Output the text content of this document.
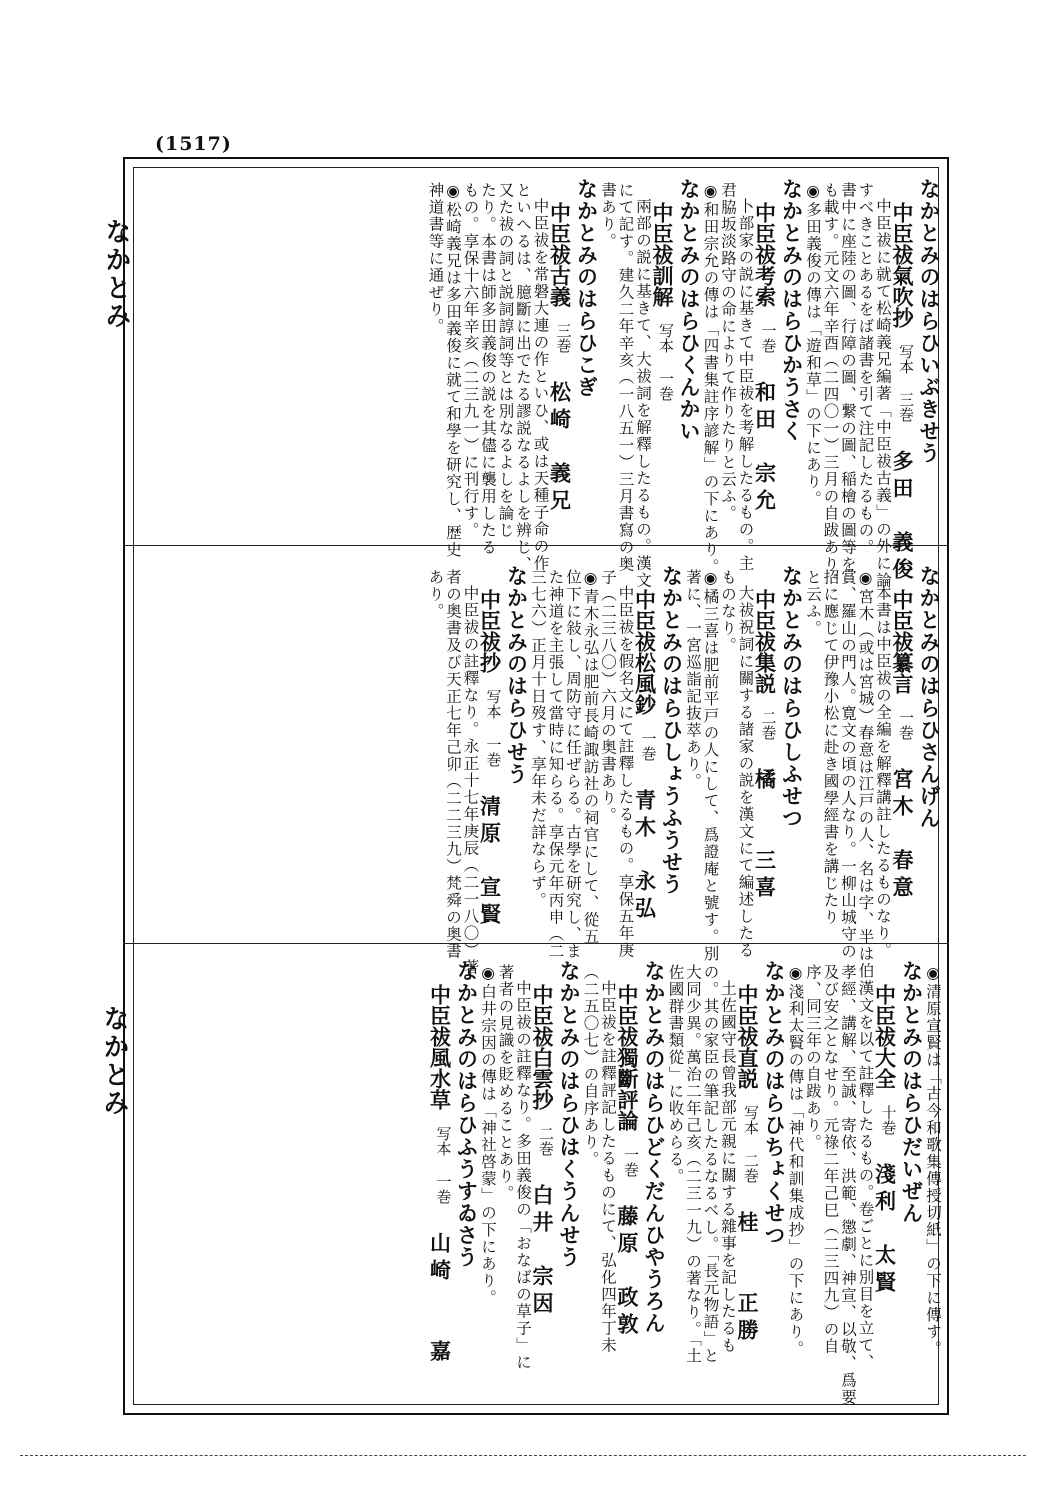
(1517)
なかとみ
なかとみ
なかとみのはらひいぶきせう
中臣祓氣吹抄
写本 三巻
多田　義俊
中臣祓に就て松崎義兄編著「中臣祓古義」の外に論
すべきことあるをば諸書を引て注記したるもの。
書中に座陸の圖、行障の圖、繋の圖、稲檜の圖等を
も載す。元文六年辛酉（二四〇一）三月の自跋あり。
◉多田義俊の傳は「遊和草」の下にあり。
なかとみのはらひかうさく
中臣祓考索
一巻
和田　宗允
卜部家の説に基きて中臣祓を考解したるもの。主
君脇坂淡路守の命によりて作りたりと云ふ。
◉和田宗允の傳は「四書集註序諺解」の下にあり。
なかとみのはらひくんかい
中臣祓訓解
写本 一巻
兩部の説に基きて、大祓詞を解釋したるもの。漢文
にて記す。建久二年辛亥（一八五一）三月書寫の奥
書あり。
なかとみのはらひこぎ
中臣祓古義
三巻
松崎　義兄
中臣祓を常磐大連の作といひ、或は天種子命の作
といへるは、臆斷に出でたる謬説なるよしを辨じ、
又た祓の詞と説詞諄詞等とは別なるよしを論じ
たり。本書は師多田義俊の説を其儘に襲用したる
もの。享保十六年辛亥（二三九一）に刊行す。
◉松崎義兄は多田義俊に就て和學を研究し、歴史
神道書等に通ぜり。
なかとみのはらひさんげん
中臣祓纂言
一巻
宮木　春意
本書は中臣祓の全編を解釋講註したるものなり。
◉宮木（或は宮城）春意は江戸の人、名は字、半は伯
賞、羅山の門人。寛文の頃の人なり。一柳山城守の
招に應じて伊豫小松に赴き國學經書を講じたり
と云ふ。
なかとみのはらひしふせつ
中臣祓集説
二巻
橘　　三喜
大祓祝詞に關する諸家の説を漢文にて編述したる
ものなり。
◉橘三喜は肥前平戸の人にして、爲證庵と號す。別
著に、一宮巡詣記抜萃あり。
なかとみのはらひしょうふうせう
中臣祓松風鈔
一巻
青木　永弘
中臣祓を假名文にて註釋したるもの。享保五年庚
子（二三八〇）六月の奥書あり。
◉青木永弘は肥前長崎諏訪社の祠官にして、從五
位下に敍し、周防守に任ぜらる。古學を研究し、ま
た神道を主張して當時に知らる。享保元年丙申（二
三七六）正月十日歿す、享年未だ詳ならず。
なかとみのはらひせう
中臣祓抄
写本 一巻
清原　宣賢
中臣祓の註釋なり。永正十七年庚辰（二一八〇）著
者の奥書及び天正七年己卯（二二三九）梵舜の奥書
あり。
◉清原宣賢は「古今和歌集傳授切紙」の下に傳す。
なかとみのはらひだいぜん
中臣祓大全
十巻
淺利　太賢
漢文を以て註釋したるもの。卷ごとに別目を立て、
孝經、講解、至誠、寄依、洪範、懲劇、神宣、以敬、爲要
及び安之となせり。元祿二年己巳（二三四九）の自
序、同三年の自跋あり。
◉淺利太賢の傳は「神代和訓集成抄」の下にあり。
なかとみのはらひちょくせつ
中臣祓直説
写本 二巻
桂　　正勝
土佐國守長曾我部元親に關する雜事を記したるも
の。其の家臣の筆記したるなるべし。「長元物語」と
大同少異。萬治二年己亥（二三一九）の著なり。「土
佐國群書類從」に收めらる。
なかとみのはらひどくだんひやうろん
中臣祓獨斷評論
一巻
藤原　政敦
中臣祓を註釋評記したるものにて、弘化四年丁未
（二五〇七）の自序あり。
なかとみのはらひはくうんせう
中臣祓白雲抄
二巻
白井　宗因
中臣祓の註釋なり。多田義俊の「おなばの草子」に
著者の見識を貶めることあり。
◉白井宗因の傳は「神社啓蒙」の下にあり。
なかとみのはらひふうすゐさう
中臣祓風水草
写本 一巻
山崎　　嘉
